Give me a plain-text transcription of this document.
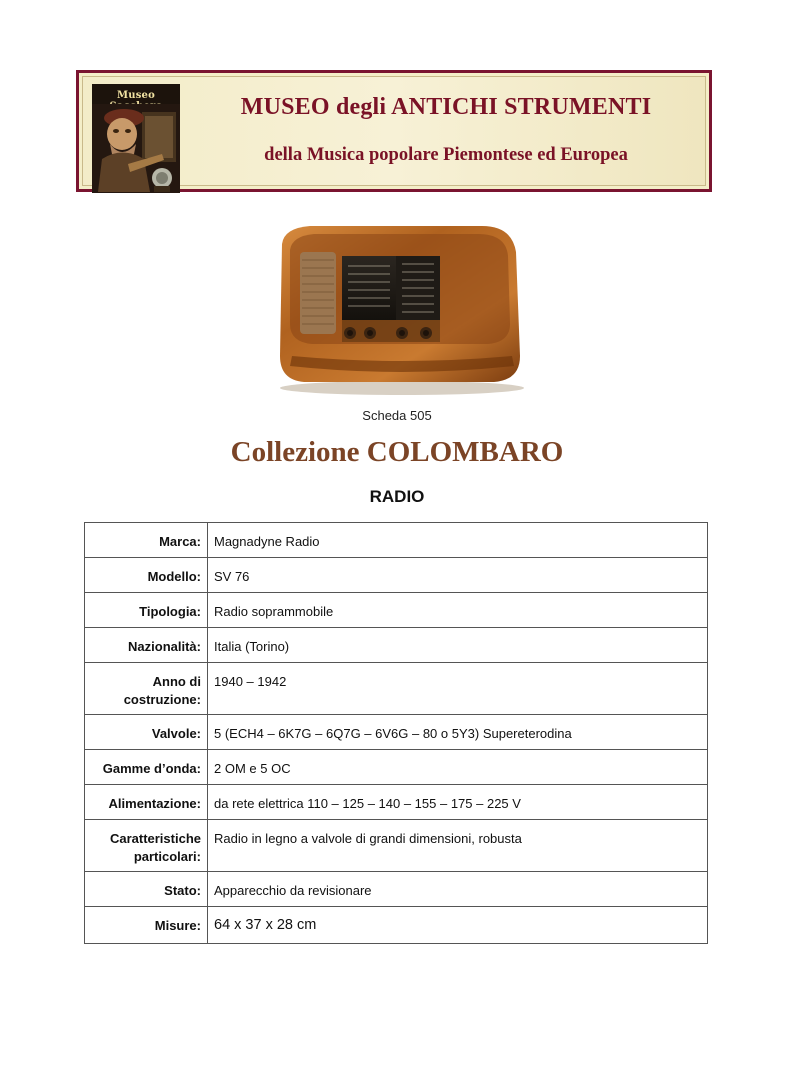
Museo	MUSEO degli ANTICHI STRUMENTI
della Musica popolare Piemontese ed Europea
Scheda 505
Collezione COLOMBARO
RADIO
Marca:	Magnadyne Radio
Modello:	SV 76
Tipologia:	Radio soprammobile
Nazionalità:	Italia (Torino)
Anno di costruzione:	1940 – 1942
Valvole:	5 (ECH4 – 6K7G – 6Q7G – 6V6G – 80 o 5Y3) Supereterodina
Gamme d’onda:	2 OM e 5 OC
Alimentazione:	da rete elettrica 110 – 125 – 140 – 155 – 175 – 225 V
Caratteristiche particolari:	Radio in legno a valvole di grandi dimensioni, robusta
Stato:	Apparecchio da revisionare
Misure:	64 x 37 x 28 cm
